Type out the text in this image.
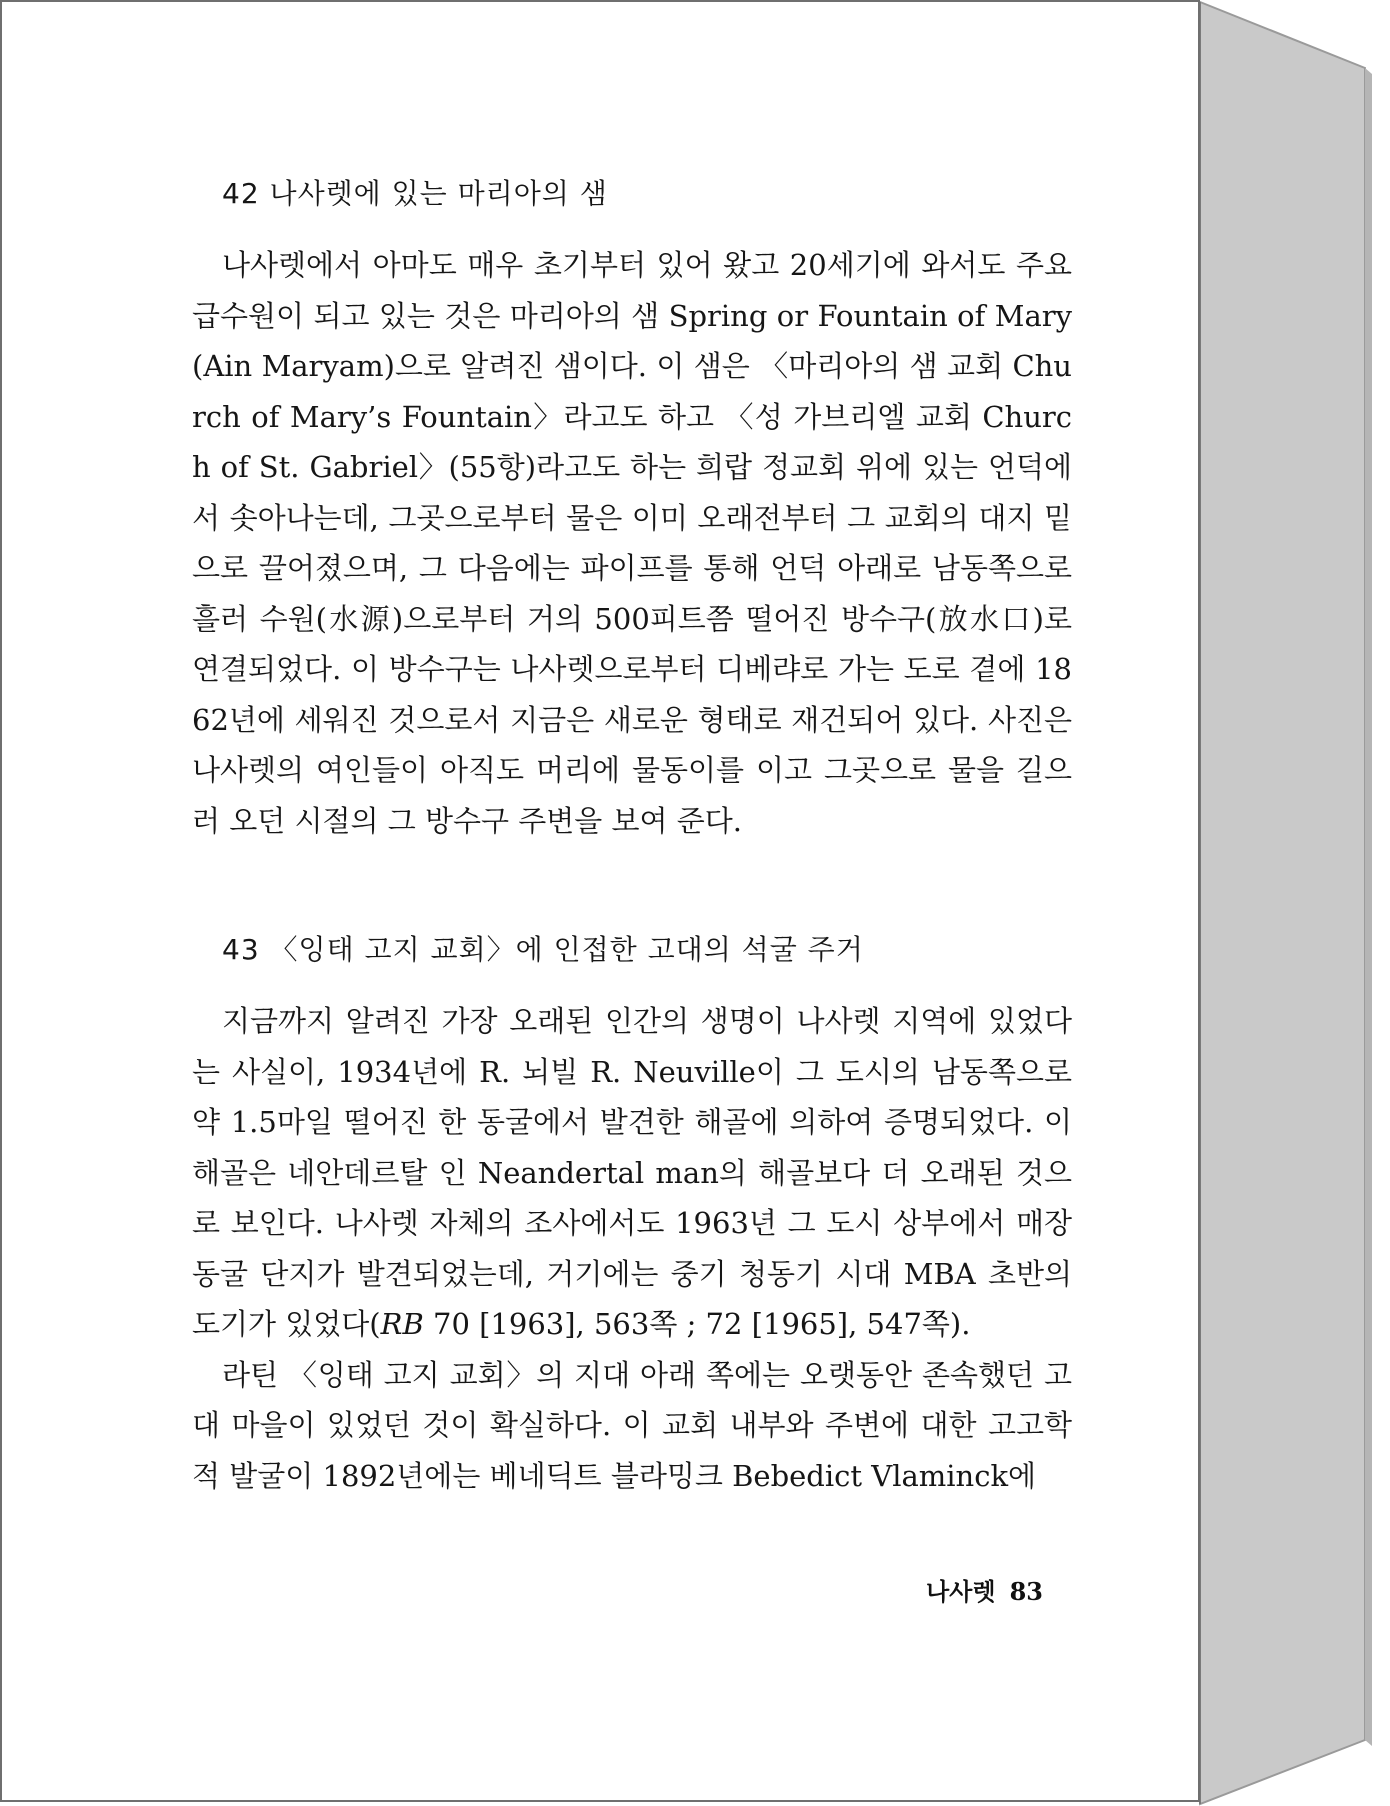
42 나사렛에 있는 마리아의 샘

나사렛에서 아마도 매우 초기부터 있어 왔고 20세기에 와서도 주요 급수원이 되고 있는 것은 마리아의 샘 Spring or Fountain of Mary(Ain Maryam)으로 알려진 샘이다. 이 샘은 〈마리아의 샘 교회 Church of Mary’s Fountain〉라고도 하고 〈성 가브리엘 교회 Church of St. Gabriel〉(55항)라고도 하는 희랍 정교회 위에 있는 언덕에서 솟아나는데, 그곳으로부터 물은 이미 오래전부터 그 교회의 대지 밑으로 끌어졌으며, 그 다음에는 파이프를 통해 언덕 아래로 남동쪽으로 흘러 수원(水源)으로부터 거의 500피트쯤 떨어진 방수구(放水口)로 연결되었다. 이 방수구는 나사렛으로부터 디베랴로 가는 도로 곁에 1862년에 세워진 것으로서 지금은 새로운 형태로 재건되어 있다. 사진은 나사렛의 여인들이 아직도 머리에 물동이를 이고 그곳으로 물을 길으러 오던 시절의 그 방수구 주변을 보여 준다.

43 〈잉태 고지 교회〉에 인접한 고대의 석굴 주거

지금까지 알려진 가장 오래된 인간의 생명이 나사렛 지역에 있었다는 사실이, 1934년에 R. 뇌빌 R. Neuville이 그 도시의 남동쪽으로 약 1.5마일 떨어진 한 동굴에서 발견한 해골에 의하여 증명되었다. 이 해골은 네안데르탈 인 Neandertal man의 해골보다 더 오래된 것으로 보인다. 나사렛 자체의 조사에서도 1963년 그 도시 상부에서 매장 동굴 단지가 발견되었는데, 거기에는 중기 청동기 시대 MBA 초반의 도기가 있었다(RB 70 [1963], 563쪽 ; 72 [1965], 547쪽).

라틴 〈잉태 고지 교회〉의 지대 아래 쪽에는 오랫동안 존속했던 고대 마을이 있었던 것이 확실하다. 이 교회 내부와 주변에 대한 고고학적 발굴이 1892년에는 베네딕트 블라밍크 Bebedict Vlaminck에

나사렛 83
